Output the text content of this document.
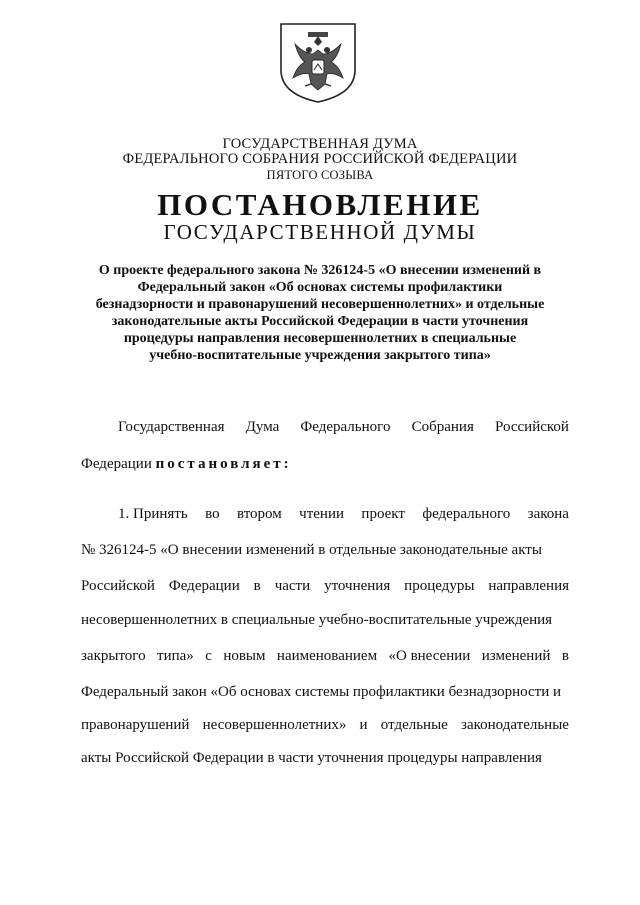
ГОСУДАРСТВЕННАЯ ДУМА
ФЕДЕРАЛЬНОГО СОБРАНИЯ РОССИЙСКОЙ ФЕДЕРАЦИИ
ПЯТОГО СОЗЫВА
ПОСТАНОВЛЕНИЕ
ГОСУДАРСТВЕННОЙ ДУМЫ
О проекте федерального закона № 326124-5 «О внесении изменений в
Федеральный закон «Об основах системы профилактики
безнадзорности и правонарушений несовершеннолетних» и отдельные
законодательные акты Российской Федерации в части уточнения
процедуры направления несовершеннолетних в специальные
учебно-воспитательные учреждения закрытого типа»
Государственная Дума Федерального Собрания Российской
Федерации постановляет:
1. Принять во втором чтении проект федерального закона
№ 326124-5 «О внесении изменений в отдельные законодательные акты
Российской Федерации в части уточнения процедуры направления
несовершеннолетних в специальные учебно-воспитательные учреждения
закрытого типа» с новым наименованием «О внесении изменений в
Федеральный закон «Об основах системы профилактики безнадзорности и
правонарушений несовершеннолетних» и отдельные законодательные
акты Российской Федерации в части уточнения процедуры направления
